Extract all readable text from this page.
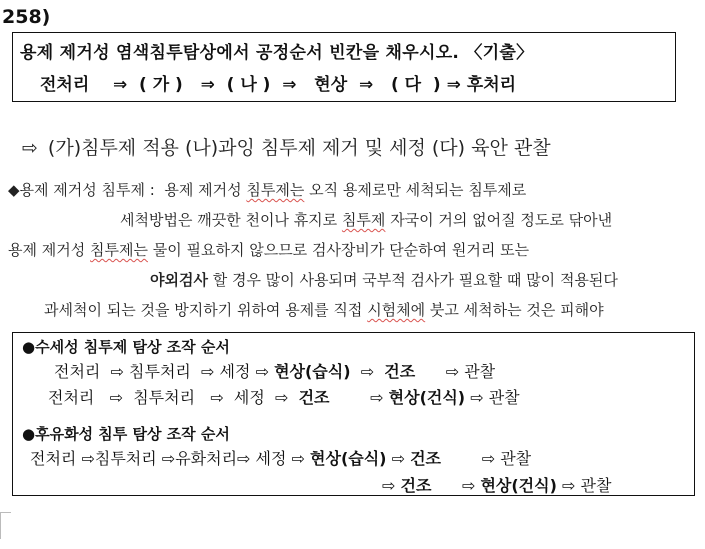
258)
용제 제거성 염색침투탐상에서 공정순서 빈칸을 채우시오. 〈기출〉
전처리    ⇒  ( 가 )   ⇒  ( 나 )  ⇒   현상  ⇒   ( 다  ) ⇒ 후처리
⇨ (가)침투제 적용 (나)과잉 침투제 제거 및 세정 (다) 육안 관찰
◆용제 제거성 침투제 : 용제 제거성 침투제는 오직 용제로만 세척되는 침투제로
세척방법은 깨끗한 천이나 휴지로 침투제 자국이 거의 없어질 정도로 닦아낸
용제 제거성 침투제는 물이 필요하지 않으므로 검사장비가 단순하여 원거리 또는
야외검사 할 경우 많이 사용되며 국부적 검사가 필요할 때 많이 적용된다
과세척이 되는 것을 방지하기 위하여 용제를 직접 시험체에 붓고 세척하는 것은 피해야
●수세성 침투제 탐상 조작 순서
전처리 ⇨ 침투처리 ⇨ 세정 ⇨ 현상(습식) ⇨ 건조 ⇨ 관찰
전처리 ⇨ 침투처리 ⇨ 세정 ⇨ 건조	⇨ 현상(건식) ⇨ 관찰
●후유화성 침투 탐상 조작 순서
전처리 ⇨침투처리 ⇨유화처리⇨ 세정 ⇨ 현상(습식) ⇨ 건조	⇨ 관찰
⇨ 건조 ⇨ 현상(건식) ⇨ 관찰
